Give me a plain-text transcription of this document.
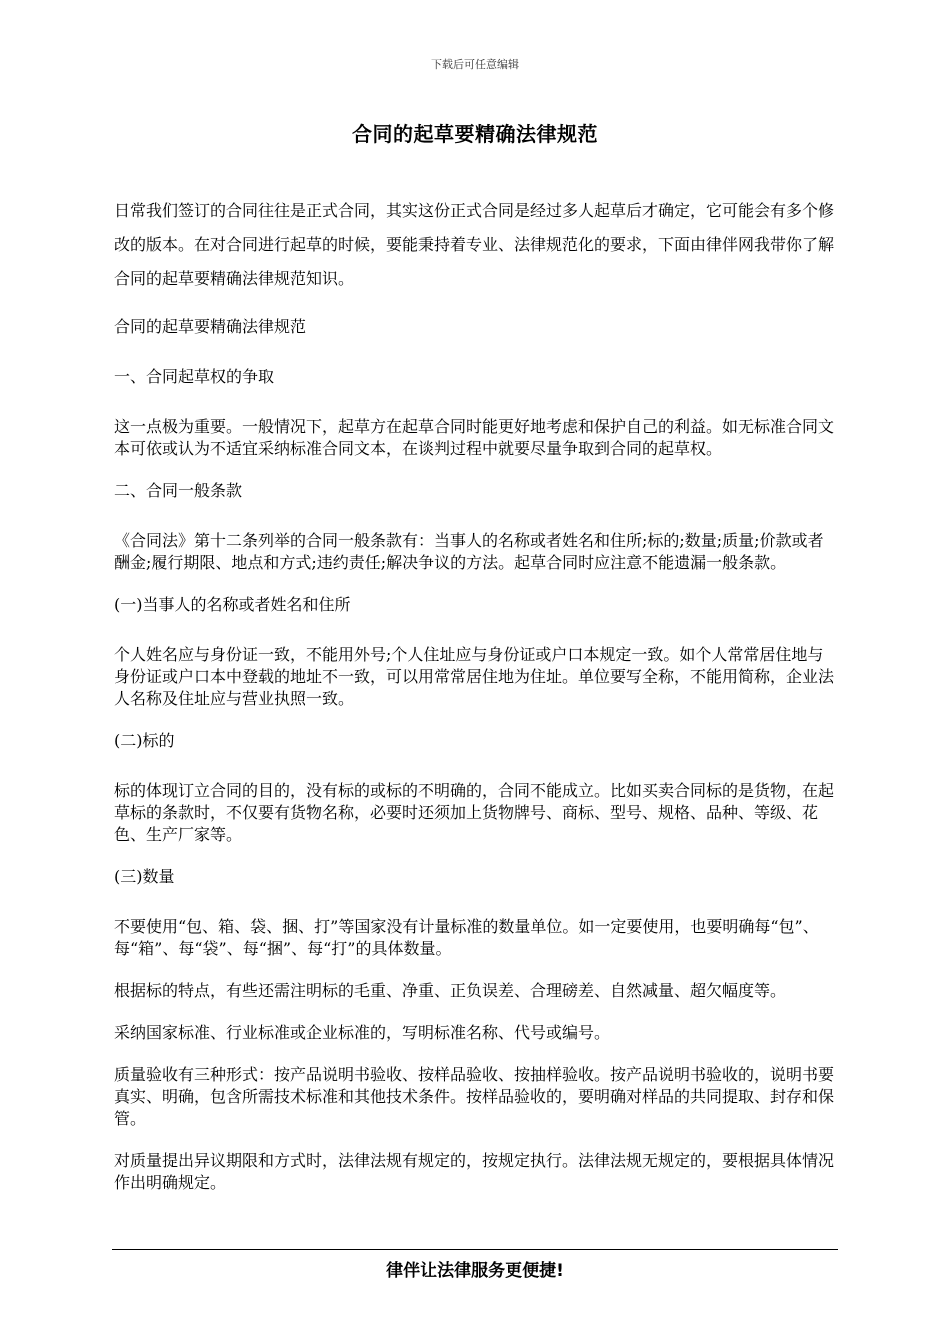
下载后可任意编辑
合同的起草要精确法律规范

日常我们签订的合同往往是正式合同，其实这份正式合同是经过多人起草后才确定，它可能会有多个修改的版本。在对合同进行起草的时候，要能秉持着专业、法律规范化的要求，下面由律伴网我带你了解合同的起草要精确法律规范知识。

合同的起草要精确法律规范

一、合同起草权的争取

这一点极为重要。一般情况下，起草方在起草合同时能更好地考虑和保护自己的利益。如无标准合同文本可依或认为不适宜采纳标准合同文本，在谈判过程中就要尽量争取到合同的起草权。

二、合同一般条款

《合同法》第十二条列举的合同一般条款有：当事人的名称或者姓名和住所;标的;数量;质量;价款或者酬金;履行期限、地点和方式;违约责任;解决争议的方法。起草合同时应注意不能遗漏一般条款。

(一)当事人的名称或者姓名和住所

个人姓名应与身份证一致，不能用外号;个人住址应与身份证或户口本规定一致。如个人常常居住地与身份证或户口本中登载的地址不一致，可以用常常居住地为住址。单位要写全称，不能用简称，企业法人名称及住址应与营业执照一致。

(二)标的

标的体现订立合同的目的，没有标的或标的不明确的，合同不能成立。比如买卖合同标的是货物，在起草标的条款时，不仅要有货物名称，必要时还须加上货物牌号、商标、型号、规格、品种、等级、花色、生产厂家等。

(三)数量

不要使用“包、箱、袋、捆、打”等国家没有计量标准的数量单位。如一定要使用，也要明确每“包”、每“箱”、每“袋”、每“捆”、每“打”的具体数量。

根据标的特点，有些还需注明标的毛重、净重、正负误差、合理磅差、自然减量、超欠幅度等。

采纳国家标准、行业标准或企业标准的，写明标准名称、代号或编号。

质量验收有三种形式：按产品说明书验收、按样品验收、按抽样验收。按产品说明书验收的，说明书要真实、明确，包含所需技术标准和其他技术条件。按样品验收的，要明确对样品的共同提取、封存和保管。

对质量提出异议期限和方式时，法律法规有规定的，按规定执行。法律法规无规定的，要根据具体情况作出明确规定。

律伴让法律服务更便捷!
